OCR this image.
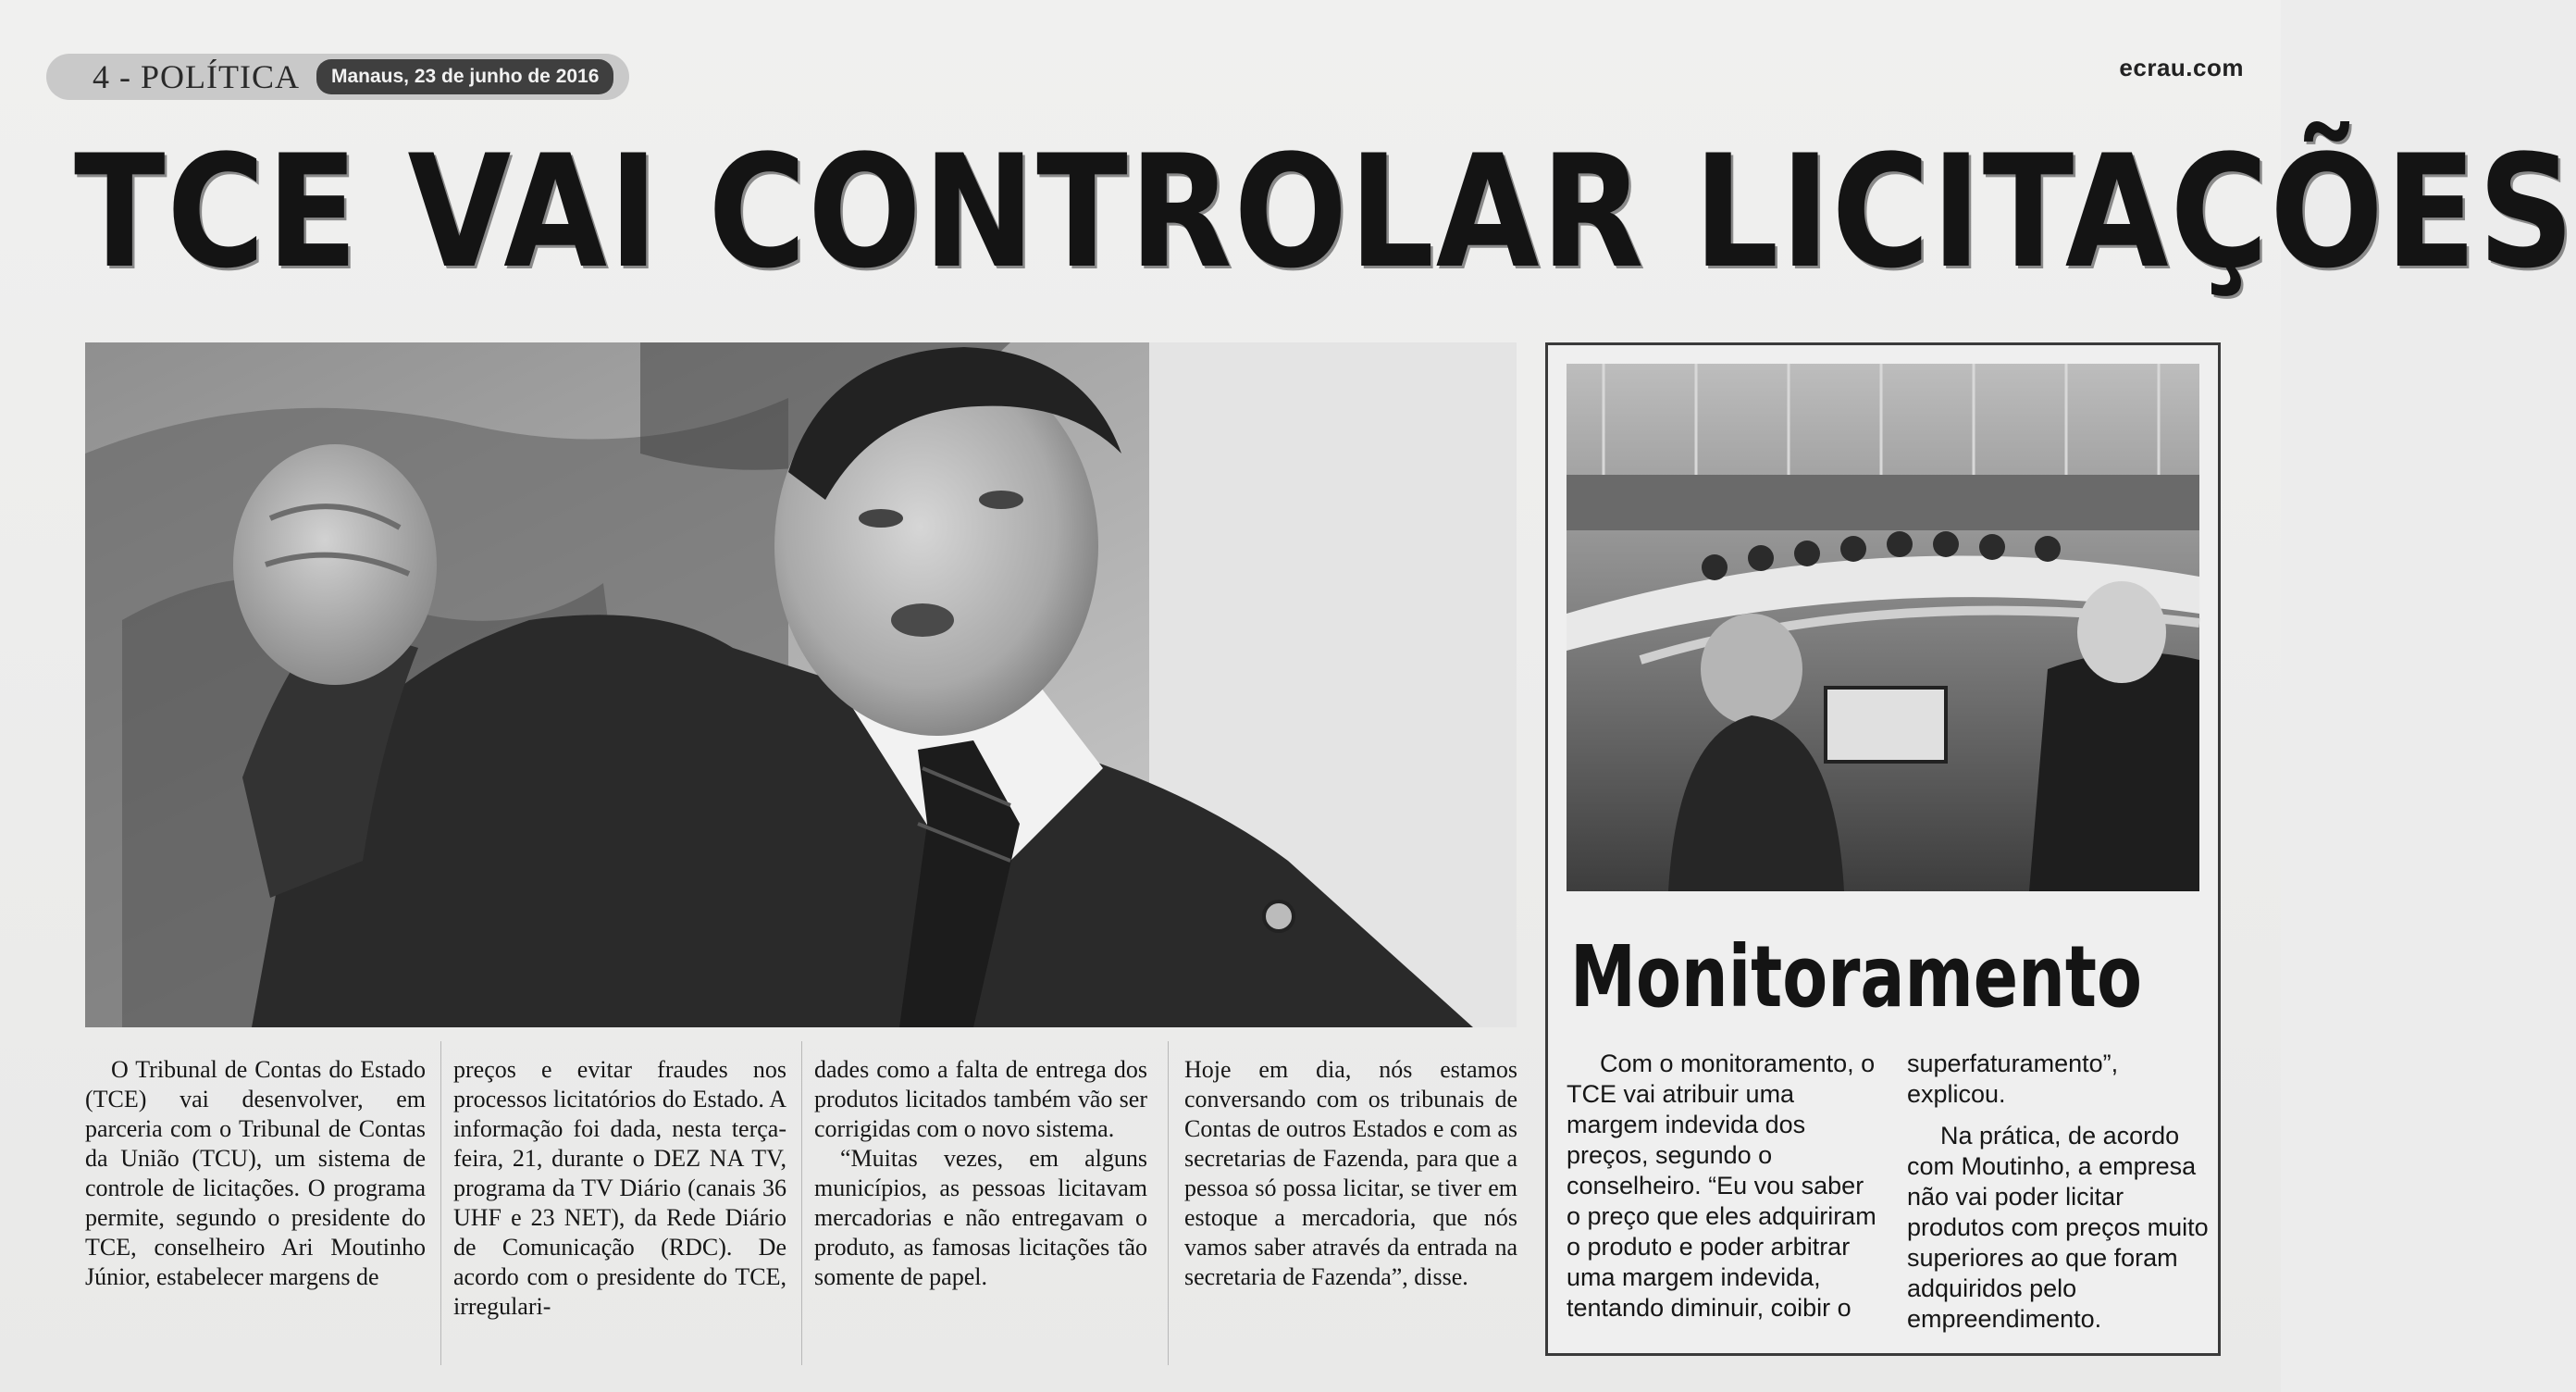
4 - POLÍTICA	Manaus, 23 de junho de 2016	ecrau.com
TCE VAI CONTROLAR LICITAÇÕES
Monitoramento

Com o monitoramento, o TCE vai atribuir uma margem indevida dos preços, segundo o conselheiro. “Eu vou saber o preço que eles adquiriram o produto e poder arbitrar uma margem indevida, tentando diminuir, coibir o

superfaturamento”, explicou.

Na prática, de acordo com Moutinho, a empresa não vai poder licitar produtos com preços muito superiores ao que foram adquiridos pelo empreendimento.

O Tribunal de Contas do Estado (TCE) vai desenvolver, em parceria com o Tribunal de Contas da União (TCU), um sistema de controle de licitações. O programa permite, segundo o presidente do TCE, conselheiro Ari Moutinho Júnior, estabelecer margens de

preços e evitar fraudes nos processos licitatórios do Estado. A informação foi dada, nesta terça-feira, 21, durante o DEZ NA TV, programa da TV Diário (canais 36 UHF e 23 NET), da Rede Diário de Comunicação (RDC). De acordo com o presidente do TCE, irregulari-

dades como a falta de entrega dos produtos licitados também vão ser corrigidas com o novo sistema.

“Muitas vezes, em alguns municípios, as pessoas licitavam mercadorias e não entregavam o produto, as famosas licitações tão somente de papel.

Hoje em dia, nós estamos conversando com os tribunais de Contas de outros Estados e com as secretarias de Fazenda, para que a pessoa só possa licitar, se tiver em estoque a mercadoria, que nós vamos saber através da entrada na secretaria de Fazenda”, disse.
